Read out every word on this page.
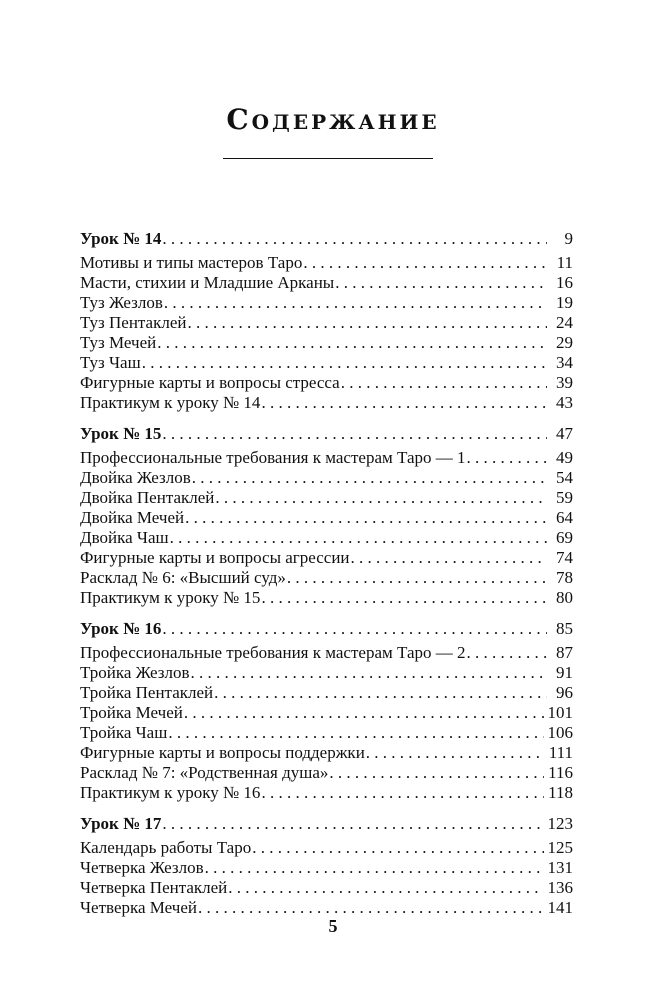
Содержание
Урок № 14 . . .	9
Мотивы и типы мастеров Таро . . .	11
Масти, стихии и Младшие Арканы . . .	16
Туз Жезлов . . .	19
Туз Пентаклей . . .	24
Туз Мечей . . .	29
Туз Чаш . . .	34
Фигурные карты и вопросы стресса . . .	39
Практикум к уроку № 14 . . .	43
Урок № 15 . . .	47
Профессиональные требования к мастерам Таро — 1 . . .	49
Двойка Жезлов . . .	54
Двойка Пентаклей . . .	59
Двойка Мечей . . .	64
Двойка Чаш . . .	69
Фигурные карты и вопросы агрессии . . .	74
Расклад № 6: «Высший суд» . . .	78
Практикум к уроку № 15 . . .	80
Урок № 16 . . .	85
Профессиональные требования к мастерам Таро — 2 . . .	87
Тройка Жезлов . . .	91
Тройка Пентаклей . . .	96
Тройка Мечей . . .	101
Тройка Чаш . . .	106
Фигурные карты и вопросы поддержки . . .	111
Расклад № 7: «Родственная душа» . . .	116
Практикум к уроку № 16 . . .	118
Урок № 17 . . .	123
Календарь работы Таро . . .	125
Четверка Жезлов . . .	131
Четверка Пентаклей . . .	136
Четверка Мечей . . .	141
5
